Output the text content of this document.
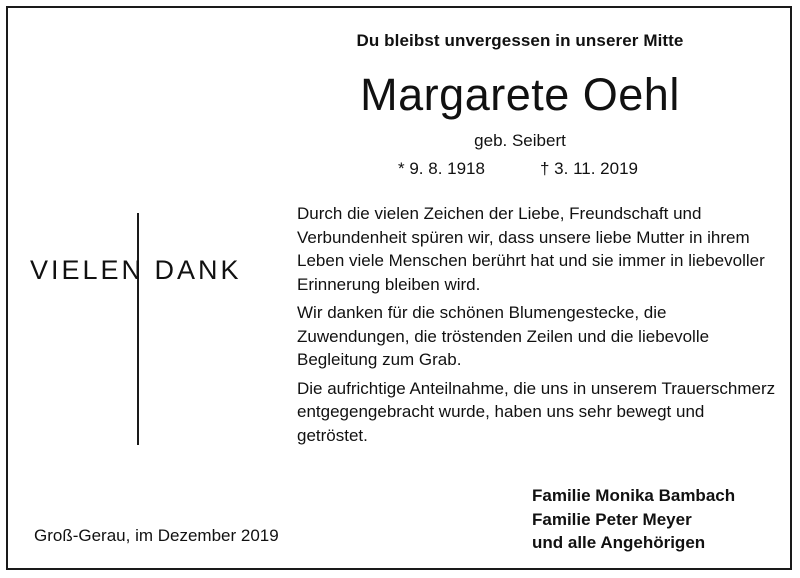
Du bleibst unvergessen in unserer Mitte
Margarete Oehl
geb. Seibert
* 9. 8. 1918	† 3. 11. 2019
VIELEN DANK

Durch die vielen Zeichen der Liebe, Freundschaft und Verbundenheit spüren wir, dass unsere liebe Mutter in ihrem Leben viele Menschen berührt hat und sie immer in liebevoller Erinnerung bleiben wird.

Wir danken für die schönen Blumengestecke, die Zuwendungen, die tröstenden Zeilen und die liebevolle Begleitung zum Grab.

Die aufrichtige Anteilnahme, die uns in unserem Trauerschmerz entgegengebracht wurde, haben uns sehr bewegt und getröstet.

Groß-Gerau, im Dezember 2019
Familie Monika Bambach
Familie Peter Meyer
und alle Angehörigen
